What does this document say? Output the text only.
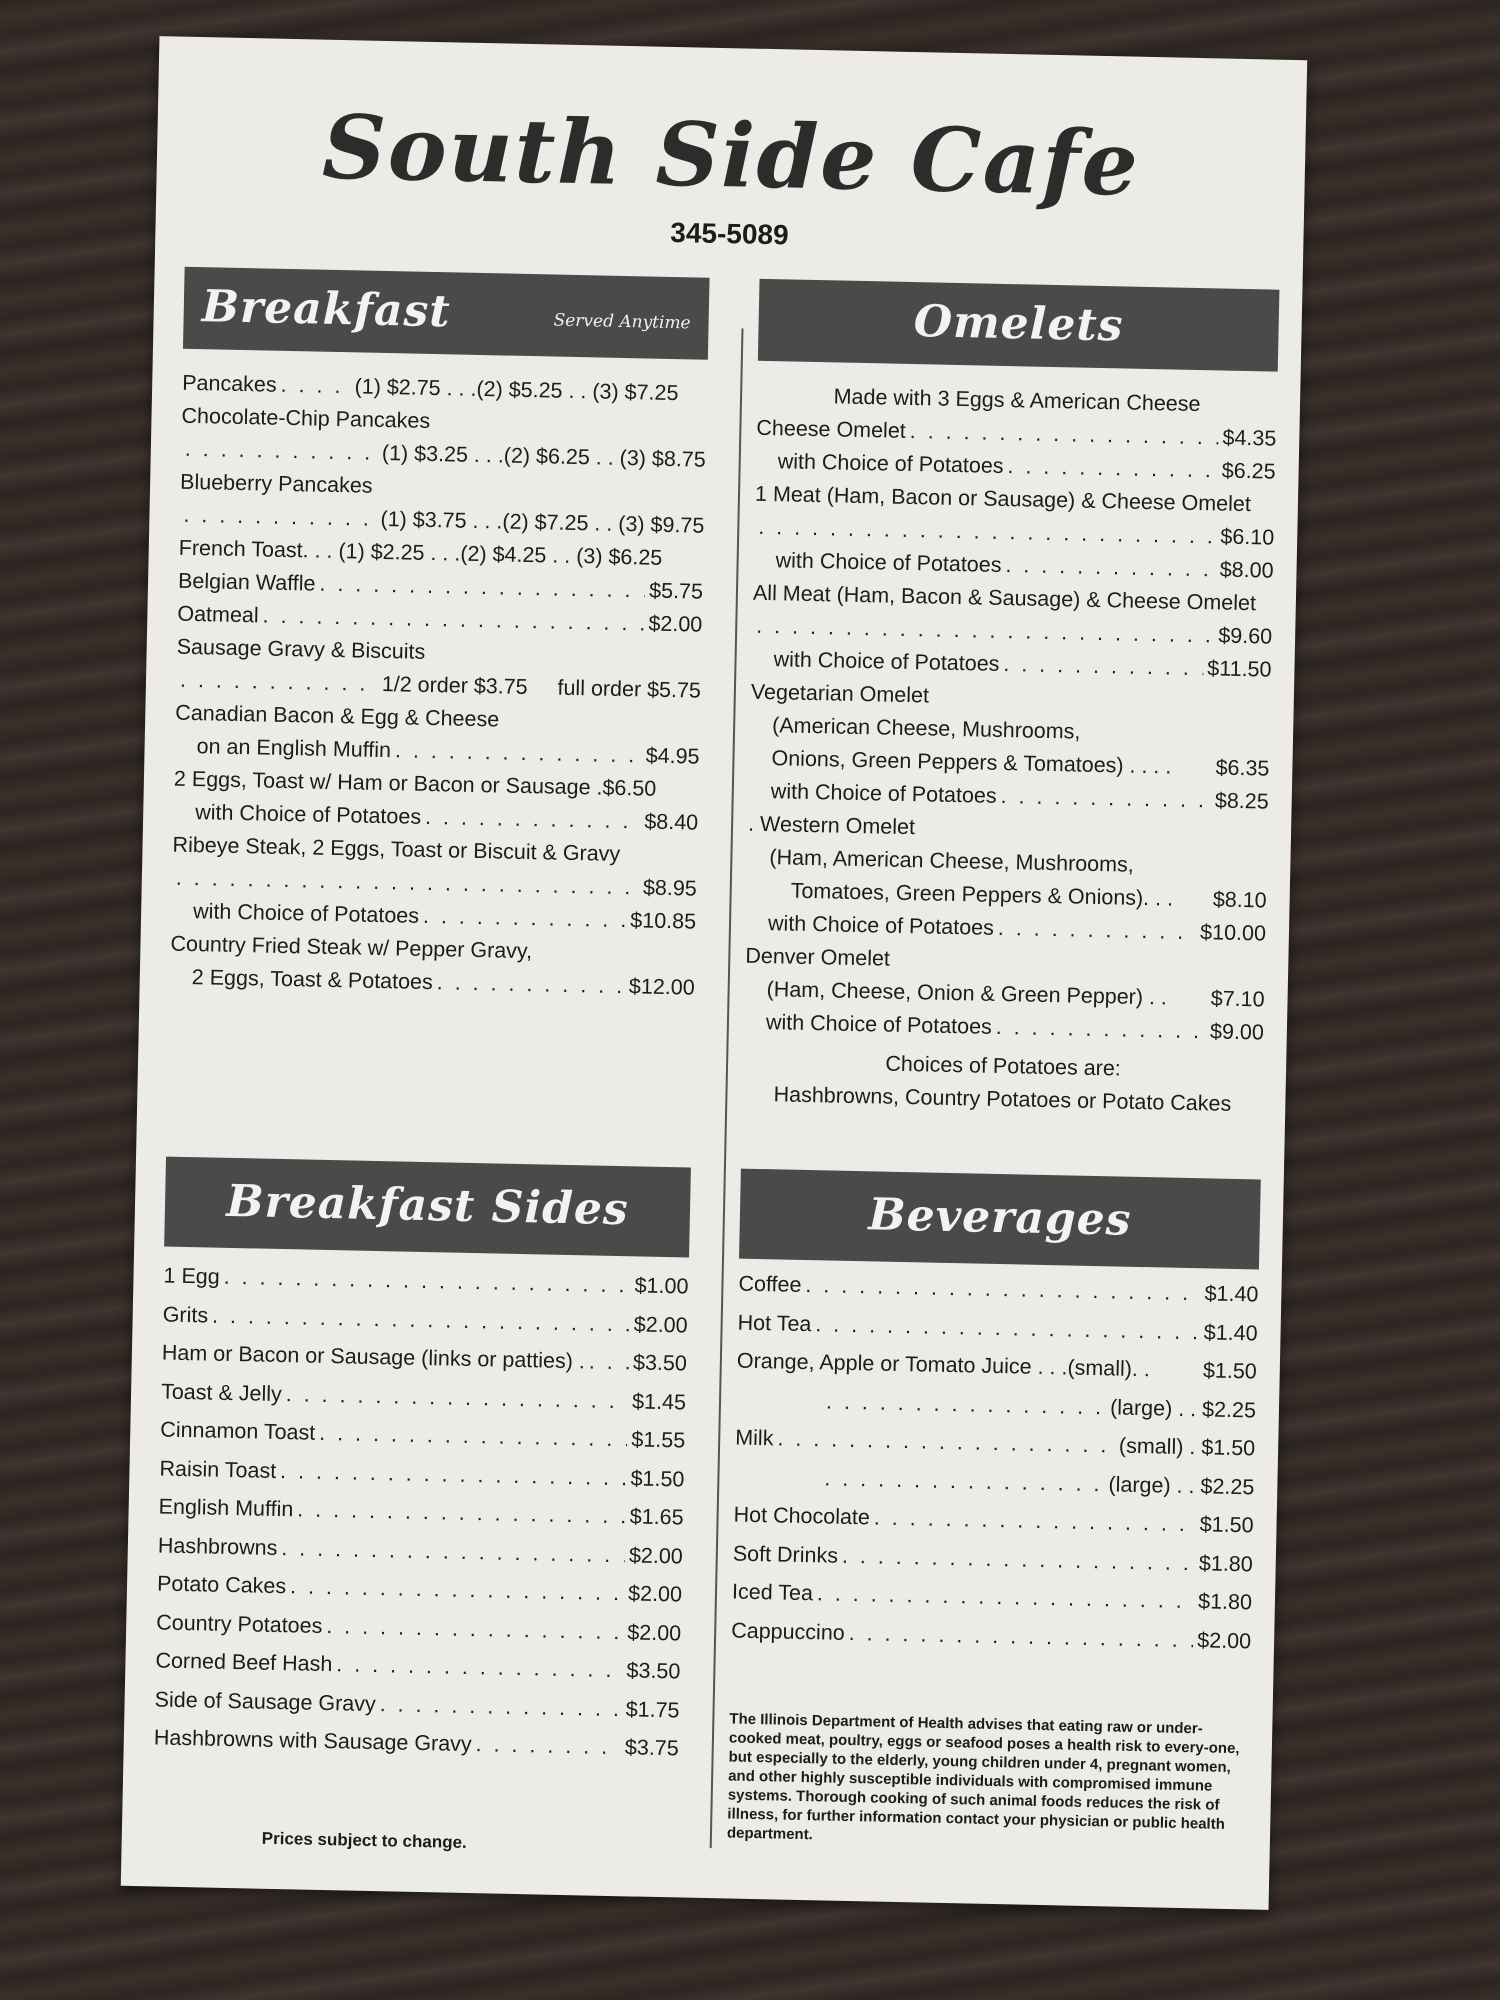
South Side Cafe
345-5089
Breakfast	Served Anytime
Pancakes . . .	(1) $2.75 . . .(2) $5.25 . . (3) $7.25
Chocolate-Chip Pancakes
. . .
(1) $3.25 . . .(2) $6.25 . . (3) $8.75
Blueberry Pancakes
. . .
(1) $3.75 . . .(2) $7.25 . . (3) $9.75
French Toast. . . (1) $2.25 . . .(2) $4.25 . . (3) $6.25
Belgian Waffle . . .	$5.75
Oatmeal . . .	$2.00
Sausage Gravy & Biscuits
. . .
1/2 order $3.75     full order $5.75
Canadian Bacon & Egg & Cheese
on an English Muffin . . .	$4.95
2 Eggs, Toast w/ Ham or Bacon or Sausage .$6.50
with Choice of Potatoes . . .	$8.40
Ribeye Steak, 2 Eggs, Toast or Biscuit & Gravy
. . .
$8.95
with Choice of Potatoes . . .	$10.85
Country Fried Steak w/ Pepper Gravy,
2 Eggs, Toast & Potatoes . . .	$12.00
Omelets
Made with 3 Eggs & American Cheese
Cheese Omelet . . .	$4.35
with Choice of Potatoes . . .	$6.25
1 Meat (Ham, Bacon or Sausage) & Cheese Omelet
. . .
$6.10
with Choice of Potatoes . . .	$8.00
All Meat (Ham, Bacon & Sausage) & Cheese Omelet
. . .
$9.60
with Choice of Potatoes . . .	$11.50
Vegetarian Omelet
(American Cheese, Mushrooms,
Onions, Green Peppers & Tomatoes) . . . . $6.35
with Choice of Potatoes . . .	$8.25
. Western Omelet
(Ham, American Cheese, Mushrooms,
Tomatoes, Green Peppers & Onions). . . $8.10
with Choice of Potatoes . . .	$10.00
Denver Omelet
(Ham, Cheese, Onion & Green Pepper) . . $7.10
with Choice of Potatoes . . .	$9.00
Choices of Potatoes are:
Hashbrowns, Country Potatoes or Potato Cakes
Breakfast Sides
1 Egg . . .	$1.00
Grits . . .	$2.00
Ham or Bacon or Sausage (links or patties) . . . . $3.50
Toast & Jelly . . .	$1.45
Cinnamon Toast . . .	$1.55
Raisin Toast . . .	$1.50
English Muffin . . .	$1.65
Hashbrowns . . .	$2.00
Potato Cakes . . .	$2.00
Country Potatoes . . .	$2.00
Corned Beef Hash . . .	$3.50
Side of Sausage Gravy . . .	$1.75
Hashbrowns with Sausage Gravy . . .	$3.75
Prices subject to change.
Beverages
Coffee . . .	$1.40
Hot Tea . . .	$1.40
Orange, Apple or Tomato Juice . . .(small). . $1.50
. . .
(large) . . $2.25
Milk . . .	(small) . $1.50
. . .
(large) . . $2.25
Hot Chocolate . . .	$1.50
Soft Drinks . . .	$1.80
Iced Tea . . .	$1.80
Cappuccino . . .	$2.00
The Illinois Department of Health advises that eating raw or under-cooked meat, poultry, eggs or seafood poses a health risk to every-one, but especially to the elderly, young children under 4, pregnant women, and other highly susceptible individuals with compromised immune systems. Thorough cooking of such animal foods reduces the risk of illness, for further information contact your physician or public health department.
